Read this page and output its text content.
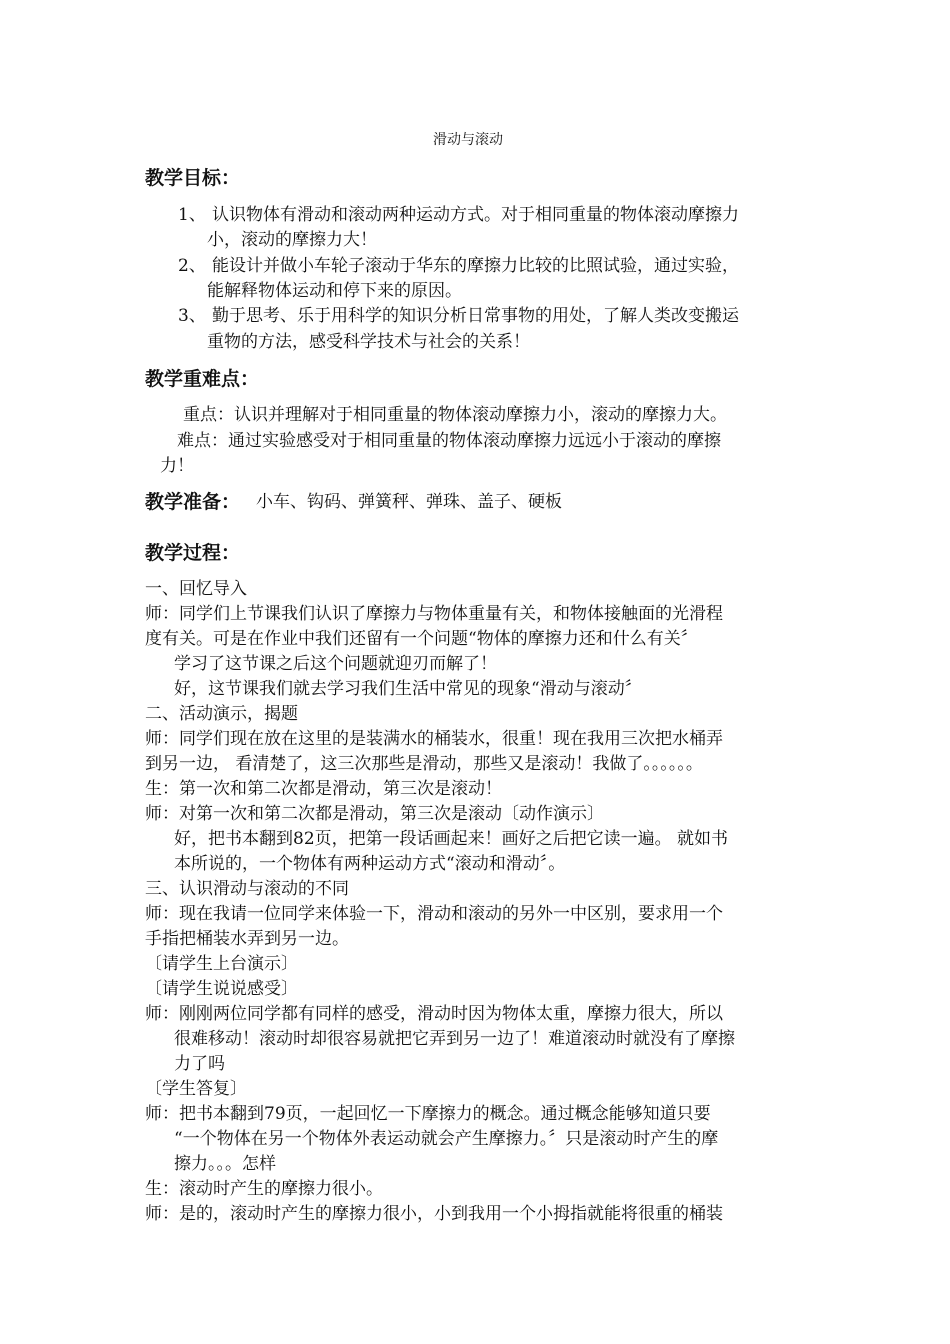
滑动与滚动
教学目标：
1、 认识物体有滑动和滚动两种运动方式。对于相同重量的物体滚动摩擦力
小，滚动的摩擦力大！
2、 能设计并做小车轮子滚动于华东的摩擦力比较的比照试验，通过实验，
能解释物体运动和停下来的原因。
3、 勤于思考、乐于用科学的知识分析日常事物的用处，了解人类改变搬运
重物的方法，感受科学技术与社会的关系！
教学重难点：
重点：认识并理解对于相同重量的物体滚动摩擦力小，滚动的摩擦力大。
难点：通过实验感受对于相同重量的物体滚动摩擦力远远小于滚动的摩擦
力！
教学准备： 小车、钩码、弹簧秤、弹珠、盖子、硬板
教学过程：
一、回忆导入
师：同学们上节课我们认识了摩擦力与物体重量有关，和物体接触面的光滑程
度有关。可是在作业中我们还留有一个问题“物体的摩擦力还和什么有关〞
学习了这节课之后这个问题就迎刃而解了！
好，这节课我们就去学习我们生活中常见的现象“滑动与滚动〞
二、活动演示，揭题
师：同学们现在放在这里的是装满水的桶装水，很重！现在我用三次把水桶弄
到另一边， 看清楚了，这三次那些是滑动，那些又是滚动！我做了。。。。。。
生：第一次和第二次都是滑动，第三次是滚动！
师：对第一次和第二次都是滑动，第三次是滚动〔动作演示〕
好，把书本翻到82页，把第一段话画起来！画好之后把它读一遍。 就如书
本所说的，一个物体有两种运动方式“滚动和滑动〞。
三、认识滑动与滚动的不同
师：现在我请一位同学来体验一下，滑动和滚动的另外一中区别，要求用一个
手指把桶装水弄到另一边。
〔请学生上台演示〕
〔请学生说说感受〕
师：刚刚两位同学都有同样的感受，滑动时因为物体太重，摩擦力很大，所以
很难移动！滚动时却很容易就把它弄到另一边了！难道滚动时就没有了摩擦
力了吗
〔学生答复〕
师：把书本翻到79页，一起回忆一下摩擦力的概念。通过概念能够知道只要
“一个物体在另一个物体外表运动就会产生摩擦力。〞只是滚动时产生的摩
擦力。。。怎样
生：滚动时产生的摩擦力很小。
师：是的，滚动时产生的摩擦力很小，小到我用一个小拇指就能将很重的桶装
